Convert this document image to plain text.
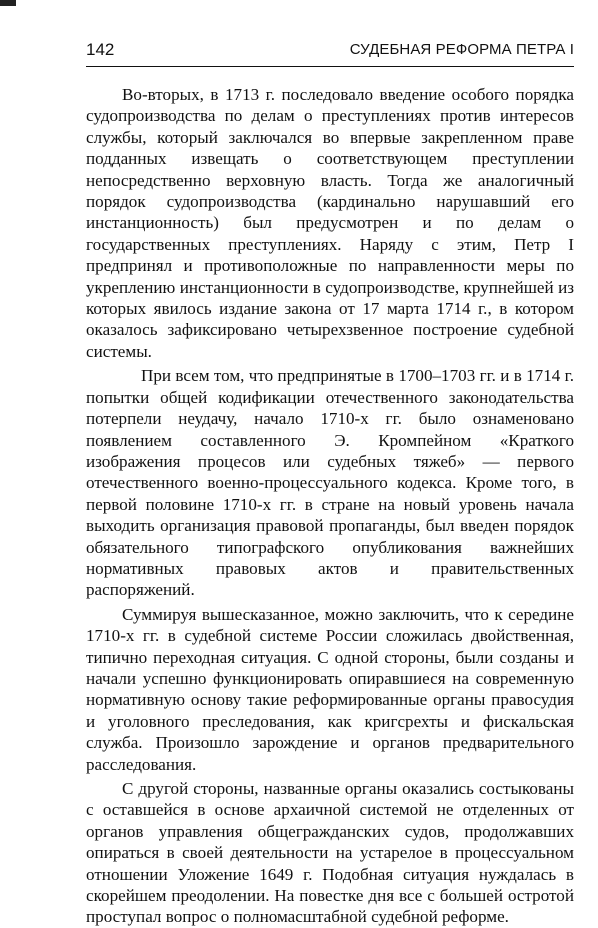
142	СУДЕБНАЯ РЕФОРМА ПЕТРА I

Во-вторых, в 1713 г. последовало введение особого порядка судопроизводства по делам о преступлениях против интересов службы, который заключался во впервые закрепленном праве подданных извещать о соответствующем преступлении непосредственно верховную власть. Тогда же аналогичный порядок судопроизводства (кардинально нарушавший его инстанционность) был предусмотрен и по делам о государственных преступлениях. Наряду с этим, Петр I предпринял и противоположные по направленности меры по укреплению инстанционности в судопроизводстве, крупнейшей из которых явилось издание закона от 17 марта 1714 г., в котором оказалось зафиксировано четырехзвенное построение судебной системы.

При всем том, что предпринятые в 1700–1703 гг. и в 1714 г. попытки общей кодификации отечественного законодательства потерпели неудачу, начало 1710-х гг. было ознаменовано появлением составленного Э. Кромпейном «Краткого изображения процесов или судебных тяжеб» — первого отечественного военно-процессуального кодекса. Кроме того, в первой половине 1710-х гг. в стране на новый уровень начала выходить организация правовой пропаганды, был введен порядок обязательного типографского опубликования важнейших нормативных правовых актов и правительственных распоряжений.

Суммируя вышесказанное, можно заключить, что к середине 1710-х гг. в судебной системе России сложилась двойственная, типично переходная ситуация. С одной стороны, были созданы и начали успешно функционировать опиравшиеся на современную нормативную основу такие реформированные органы правосудия и уголовного преследования, как кригсрехты и фискальская служба. Произошло зарождение и органов предварительного расследования.

С другой стороны, названные органы оказались состыкованы с оставшейся в основе архаичной системой не отделенных от органов управления общегражданских судов, продолжавших опираться в своей деятельности на устарелое в процессуальном отношении Уложение 1649 г. Подобная ситуация нуждалась в скорейшем преодолении. На повестке дня все с большей остротой проступал вопрос о полномасштабной судебной реформе.
